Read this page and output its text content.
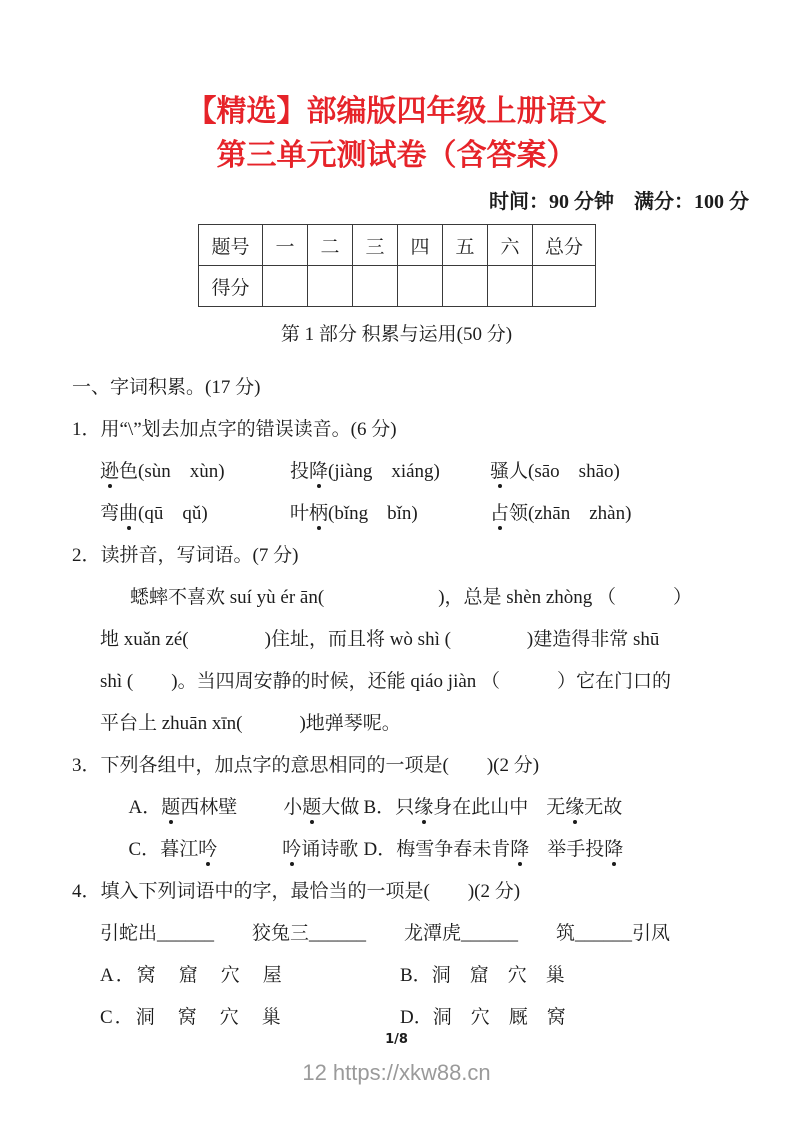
【精选】部编版四年级上册语文
第三单元测试卷（含答案）
时间：90 分钟　满分：100 分
题号	一	二	三	四	五	六	总分
得分							
第 1 部分 积累与运用(50 分)
一、字词积累。(17 分)
1．用“\”划去加点字的错误读音。(6 分)
逊色(sùn　xùn)	投降(jiàng　xiáng)	骚人(sāo　shāo)
弯曲(qū　qǔ)	叶柄(bǐng　bǐn)	占领(zhān　zhàn)
2．读拼音，写词语。(7 分)
蟋蟀不喜欢 suí yù ér ān(　　　　　　)，总是 shèn zhòng （　　　）
地 xuǎn zé(　　　　)住址，而且将 wò shì (　　　　)建造得非常 shū
shì (　　)。当四周安静的时候，还能 qiáo jiàn （　　　）它在门口的
平台上 zhuān xīn(　　　)地弹琴呢。
3．下列各组中，加点字的意思相同的一项是(　　)(2 分)

A．题西林壁 小题大做
B．只缘身在此山中 无缘无故

C．暮江吟	吟诵诗歌
D．梅雪争春未肯降 举手投降

4．填入下列词语中的字，最恰当的一项是(　　)(2 分)
引蛇出______　　狡兔三______　　龙潭虎______　　筑______引凤
A．窝　窟　穴　屋	B．洞　窟　穴　巢
C．洞　窝　穴　巢	D．洞　穴　厩　窝
1/8
12 https://xkw88.cn
